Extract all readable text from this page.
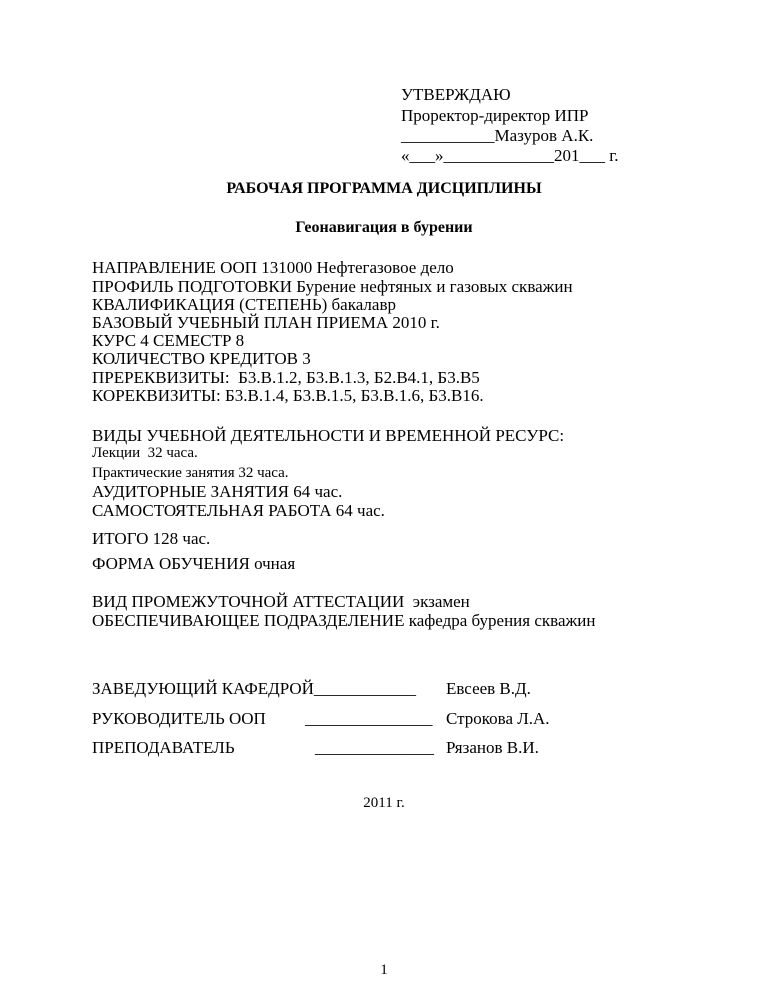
УТВЕРЖДАЮ
Проректор-директор ИПР
___________Мазуров А.К.
«___»_____________201___ г.
РАБОЧАЯ ПРОГРАММА ДИСЦИПЛИНЫ
Геонавигация в бурении
НАПРАВЛЕНИЕ ООП 131000 Нефтегазовое дело
ПРОФИЛЬ ПОДГОТОВКИ Бурение нефтяных и газовых скважин
КВАЛИФИКАЦИЯ (СТЕПЕНЬ) бакалавр
БАЗОВЫЙ УЧЕБНЫЙ ПЛАН ПРИЕМА 2010 г.
КУРС 4 СЕМЕСТР 8
КОЛИЧЕСТВО КРЕДИТОВ 3
ПРЕРЕКВИЗИТЫ:  Б3.В.1.2, Б3.В.1.3, Б2.В4.1, Б3.В5
КОРЕКВИЗИТЫ: Б3.В.1.4, Б3.В.1.5, Б3.В.1.6, Б3.В16.
ВИДЫ УЧЕБНОЙ ДЕЯТЕЛЬНОСТИ И ВРЕМЕННОЙ РЕСУРС:
Лекции  32 часа.
Практические занятия 32 часа.
АУДИТОРНЫЕ ЗАНЯТИЯ 64 час.
САМОСТОЯТЕЛЬНАЯ РАБОТА 64 час.
ИТОГО 128 час.
ФОРМА ОБУЧЕНИЯ очная
ВИД ПРОМЕЖУТОЧНОЙ АТТЕСТАЦИИ  экзамен
ОБЕСПЕЧИВАЮЩЕЕ ПОДРАЗДЕЛЕНИЕ кафедра бурения скважин
ЗАВЕДУЮЩИЙ КАФЕДРОЙ____________ Евсеев В.Д.
РУКОВОДИТЕЛЬ ООП _______________ Строкова Л.А.
ПРЕПОДАВАТЕЛЬ	______________ Рязанов В.И.
2011 г.
1
